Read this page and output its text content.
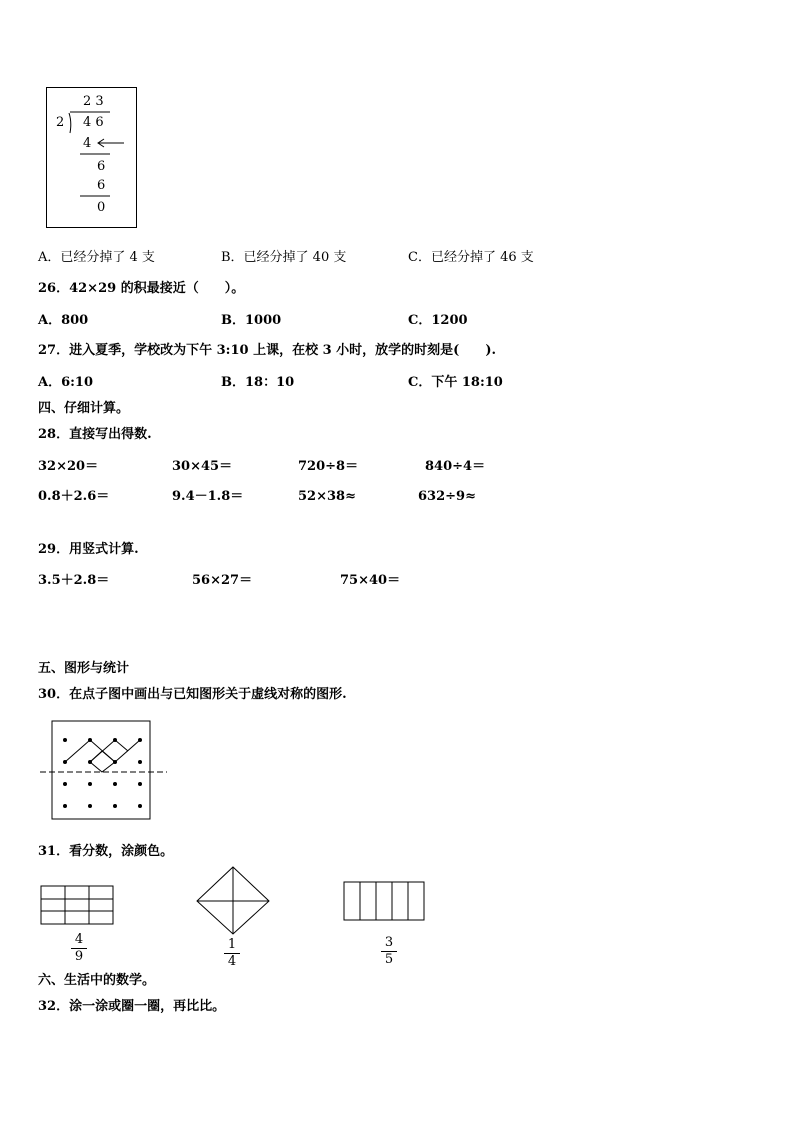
2 3
2 4 6
4
6
6
0
A．已经分掉了 4 支	B．已经分掉了 40 支	C．已经分掉了 46 支
26．42×29 的积最接近（　　）。
A．800	B．1000	C．1200
27．进入夏季，学校改为下午 3:10 上课，在校 3 小时，放学的时刻是(　　).
A．6:10	B．18：10	C．下午 18:10
四、仔细计算。
28．直接写出得数.
32×20＝	30×45＝	720÷8＝	840÷4＝
0.8＋2.6＝	9.4－1.8＝	52×38≈	632÷9≈
29．用竖式计算.
3.5＋2.8＝	56×27＝	75×40＝
五、图形与统计
30．在点子图中画出与已知图形关于虚线对称的图形.
31．看分数，涂颜色。
4
9
1
4
3
5
六、生活中的数学。
32．涂一涂或圈一圈，再比比。
